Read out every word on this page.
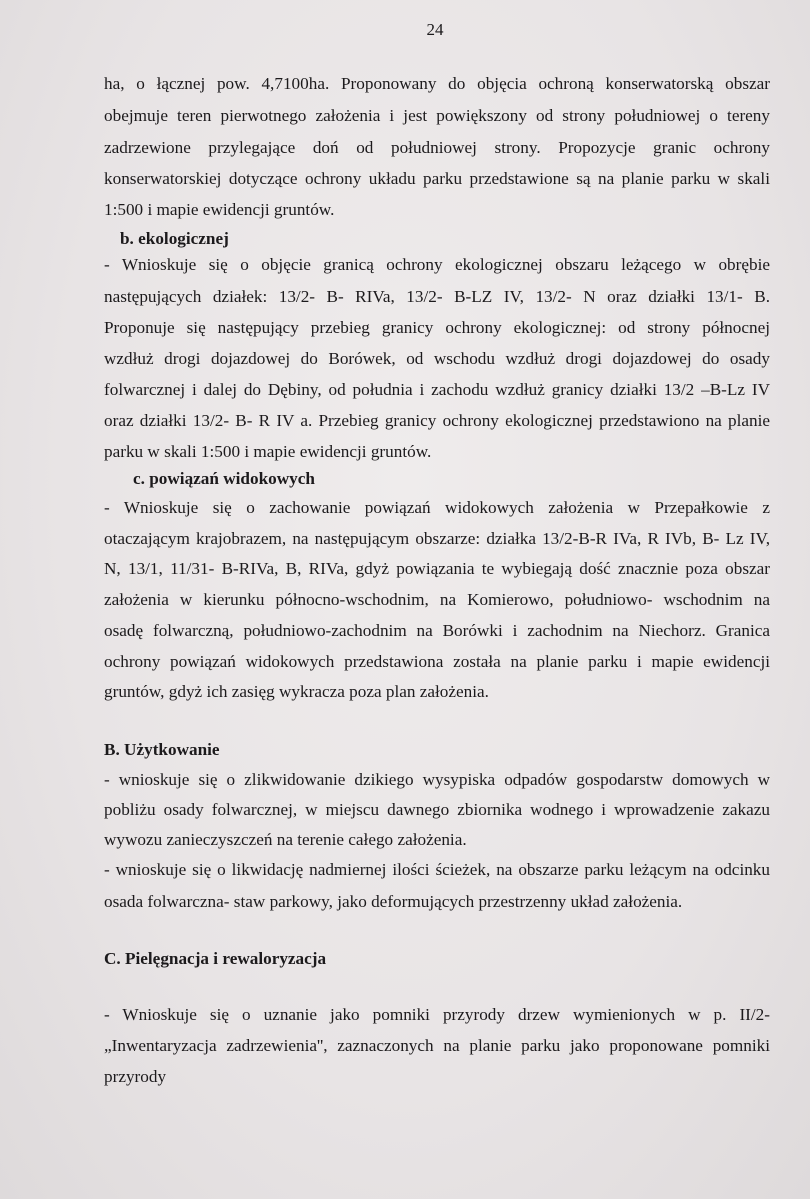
24
ha, o łącznej pow. 4,7100ha. Proponowany do objęcia ochroną konserwatorską obszar
obejmuje teren pierwotnego założenia i jest powiększony od strony południowej o tereny
zadrzewione przylegające doń od południowej strony. Propozycje granic ochrony
konserwatorskiej dotyczące ochrony układu parku przedstawione są na planie parku w skali
1:500 i mapie ewidencji gruntów.
b. ekologicznej
- Wnioskuje się o objęcie granicą ochrony ekologicznej obszaru leżącego w obrębie
następujących działek: 13/2- B- RIVa, 13/2- B-LZ IV, 13/2- N oraz działki 13/1- B.
Proponuje się następujący przebieg granicy ochrony ekologicznej: od strony północnej
wzdłuż drogi dojazdowej do Borówek, od wschodu wzdłuż drogi dojazdowej do osady
folwarcznej i dalej do Dębiny, od południa i zachodu wzdłuż granicy działki 13/2 –B-Lz IV
oraz działki 13/2- B- R IV a. Przebieg granicy ochrony ekologicznej przedstawiono na planie
parku w skali 1:500 i mapie ewidencji gruntów.
c. powiązań widokowych
- Wnioskuje się o zachowanie powiązań widokowych założenia w Przepałkowie z
otaczającym krajobrazem, na następującym obszarze: działka 13/2-B-R IVa, R IVb, B- Lz IV,
N, 13/1, 11/31- B-RIVa, B, RIVa, gdyż powiązania te wybiegają dość znacznie poza obszar
założenia w kierunku północno-wschodnim, na Komierowo, południowo- wschodnim na
osadę folwarczną, południowo-zachodnim na Borówki i zachodnim na Niechorz. Granica
ochrony powiązań widokowych przedstawiona została na planie parku i mapie ewidencji
gruntów, gdyż ich zasięg wykracza poza plan założenia.
B. Użytkowanie
- wnioskuje się o zlikwidowanie dzikiego wysypiska odpadów gospodarstw domowych w
pobliżu osady folwarcznej, w miejscu dawnego zbiornika wodnego i wprowadzenie zakazu
wywozu zanieczyszczeń na terenie całego założenia.
- wnioskuje się o likwidację nadmiernej ilości ścieżek, na obszarze parku leżącym na odcinku
osada folwarczna- staw parkowy, jako deformujących przestrzenny układ założenia.
C. Pielęgnacja i rewaloryzacja
- Wnioskuje się o uznanie jako pomniki przyrody drzew wymienionych w p. II/2-
„Inwentaryzacja zadrzewienia'', zaznaczonych na planie parku jako proponowane pomniki
przyrody
